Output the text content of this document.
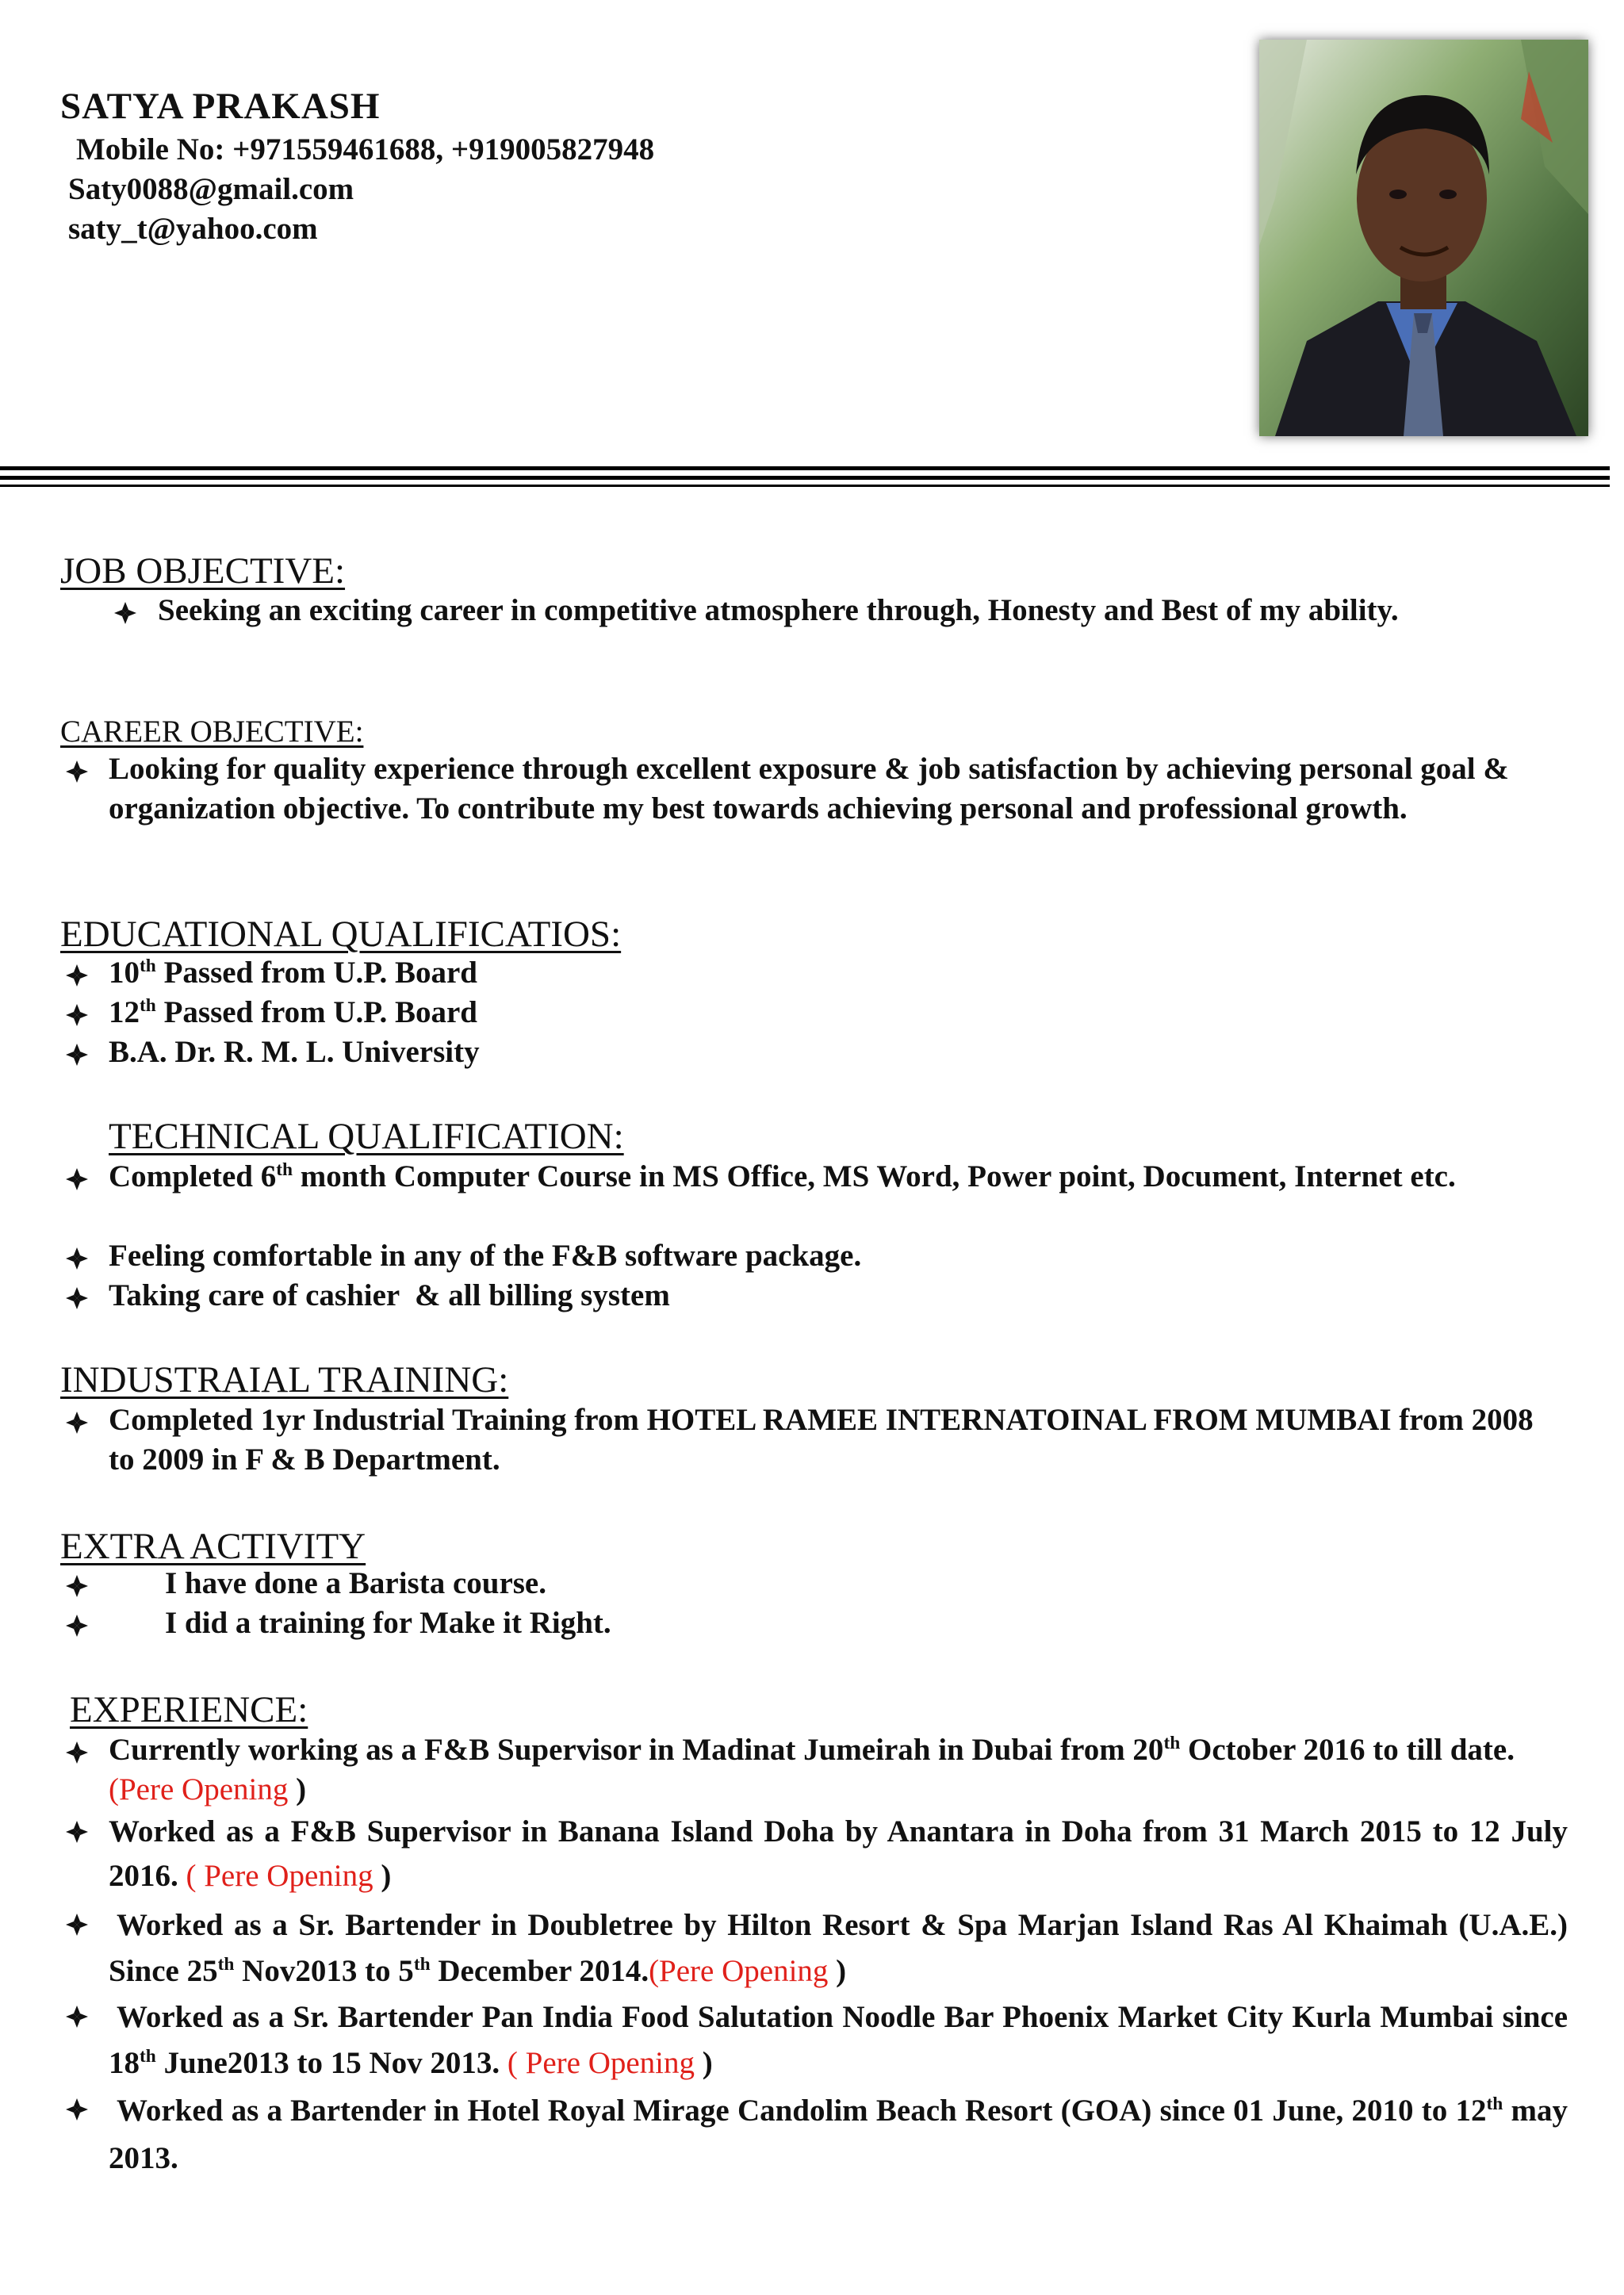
SATYA PRAKASH
Mobile No: +971559461688, +919005827948
Saty0088@gmail.com
saty_t@yahoo.com
JOB OBJECTIVE:
Seeking an exciting career in competitive atmosphere through, Honesty and Best of my ability.
CAREER OBJECTIVE:
Looking for quality experience through excellent exposure & job satisfaction by achieving personal goal & organization objective. To contribute my best towards achieving personal and professional growth.
EDUCATIONAL QUALIFICATIOS:
10th Passed from U.P. Board
12th Passed from U.P. Board
B.A. Dr. R. M. L. University
TECHNICAL QUALIFICATION:
Completed 6th month Computer Course in MS Office, MS Word, Power point, Document, Internet etc.
Feeling comfortable in any of the F&B software package.
Taking care of cashier  & all billing system
INDUSTRAIAL TRAINING:
Completed 1yr Industrial Training from HOTEL RAMEE INTERNATOINAL FROM MUMBAI from 2008 to 2009 in F & B Department.
EXTRA ACTIVITY
I have done a Barista course.
I did a training for Make it Right.
EXPERIENCE:
Currently working as a F&B Supervisor in Madinat Jumeirah in Dubai from 20th October 2016 to till date. (Pere Opening )
Worked as a F&B Supervisor in Banana Island Doha by Anantara in Doha from 31 March 2015 to 12 July 2016. ( Pere Opening )
Worked as a Sr. Bartender in Doubletree by Hilton Resort & Spa Marjan Island Ras Al Khaimah (U.A.E.) Since 25th Nov2013 to 5th December 2014.(Pere Opening )
Worked as a Sr. Bartender Pan India Food Salutation Noodle Bar Phoenix Market City Kurla Mumbai since 18th June2013 to 15 Nov 2013. ( Pere Opening )
Worked as a Bartender in Hotel Royal Mirage Candolim Beach Resort (GOA) since 01 June, 2010 to 12th may 2013.
